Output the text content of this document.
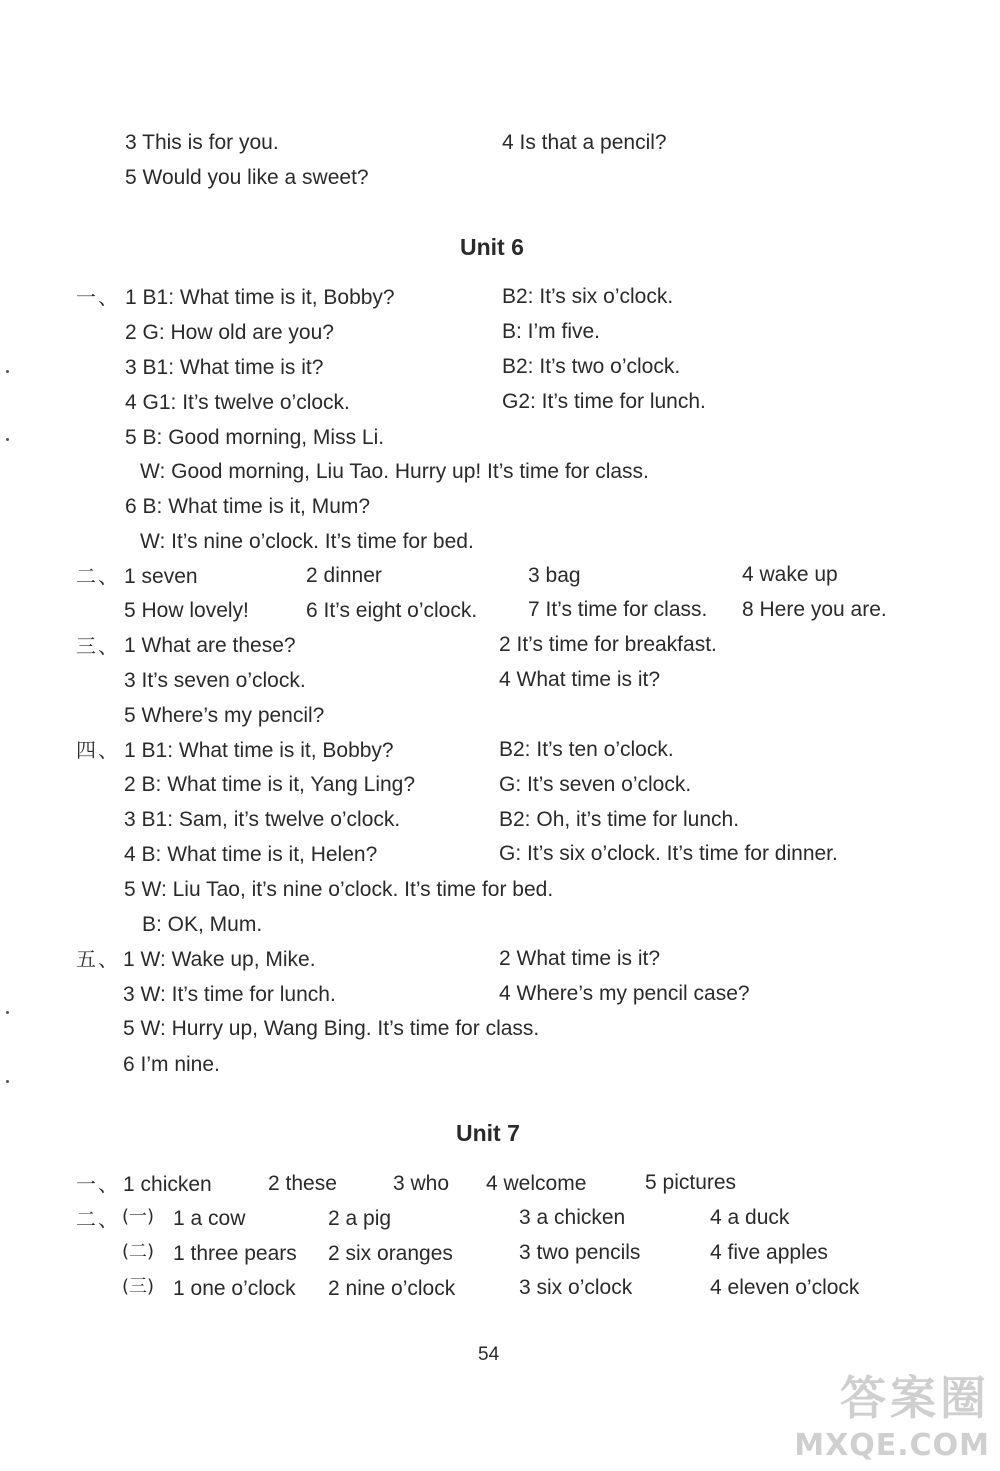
3 This is for you.	4 Is that a pencil?
5 Would you like a sweet?
Unit 6
一、 1 B1: What time is it, Bobby?	B2: It’s six o’clock.
2 G: How old are you?	B: I’m five.
3 B1: What time is it?	B2: It’s two o’clock.
4 G1: It’s twelve o’clock.	G2: It’s time for lunch.
5 B: Good morning, Miss Li.
W: Good morning, Liu Tao. Hurry up! It’s time for class.
6 B: What time is it, Mum?
W: It’s nine o’clock. It’s time for bed.
二、 1 seven	2 dinner	3 bag	4 wake up
5 How lovely!	6 It’s eight o’clock. 7 It’s time for class. 8 Here you are.
三、 1 What are these?	2 It’s time for breakfast.
3 It’s seven o’clock.	4 What time is it?
5 Where’s my pencil?
四、 1 B1: What time is it, Bobby?	B2: It’s ten o’clock.
2 B: What time is it, Yang Ling?	G: It’s seven o’clock.
3 B1: Sam, it’s twelve o’clock.	B2: Oh, it’s time for lunch.
4 B: What time is it, Helen?	G: It’s six o’clock. It’s time for dinner.
5 W: Liu Tao, it’s nine o’clock. It’s time for bed.
B: OK, Mum.
五、 1 W: Wake up, Mike.	2 What time is it?
3 W: It’s time for lunch.	4 Where’s my pencil case?
5 W: Hurry up, Wang Bing. It’s time for class.
6 I’m nine.
Unit 7
一、 1 chicken	2 these	3 who 4 welcome	5 pictures
二、 (一) 1 a cow	2 a pig	3 a chicken	4 a duck
(二) 1 three pears 2 six oranges	3 two pencils	4 five apples
(三) 1 one o’clock 2 nine o’clock	3 six o’clock	4 eleven o’clock
54
答案圈
MXQE.COM
